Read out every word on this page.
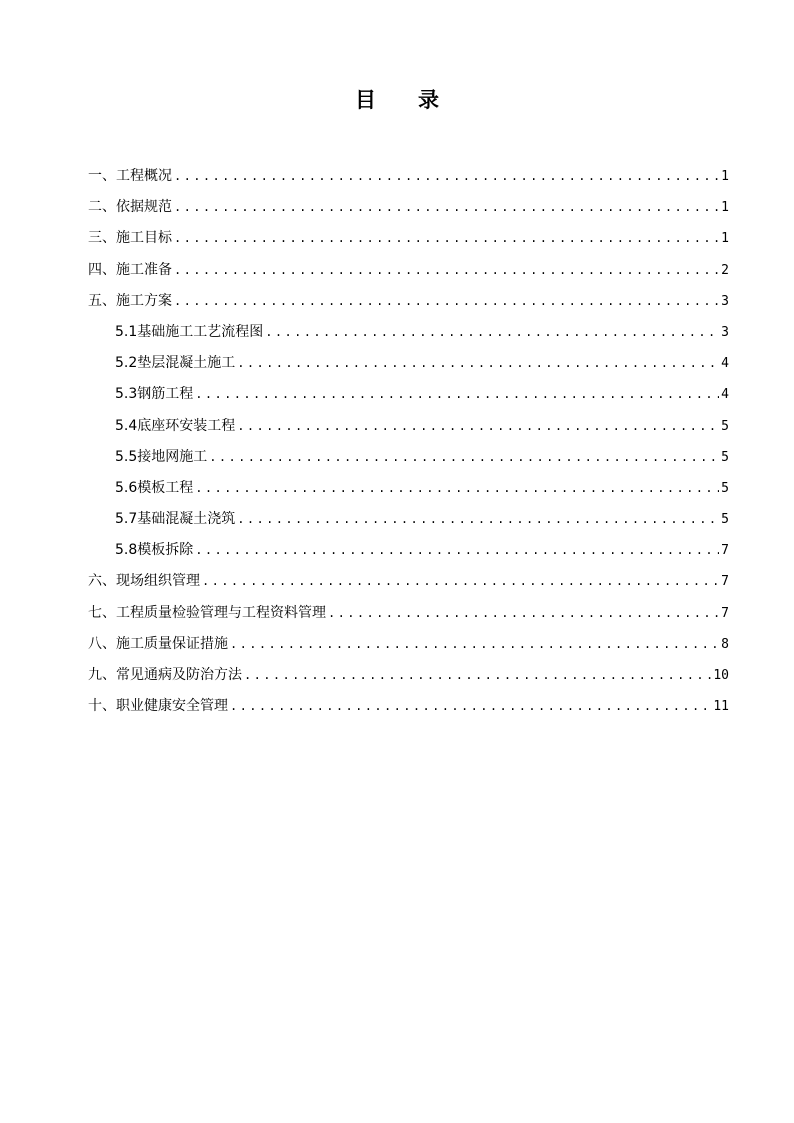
目 录
一、工程概况 .....	1
二、依据规范 .....	1
三、施工目标 .....	1
四、施工准备 .....	2
五、施工方案 .....	3
5.1基础施工工艺流程图 .....	3
5.2垫层混凝土施工 .....	4
5.3钢筋工程 .....	4
5.4底座环安装工程 .....	5
5.5接地网施工 .....	5
5.6模板工程 .....	5
5.7基础混凝土浇筑 .....	5
5.8模板拆除 .....	7
六、现场组织管理 .....	7
七、工程质量检验管理与工程资料管理 .....	7
八、施工质量保证措施 .....	8
九、常见通病及防治方法 .....	10
十、职业健康安全管理 .....	11
